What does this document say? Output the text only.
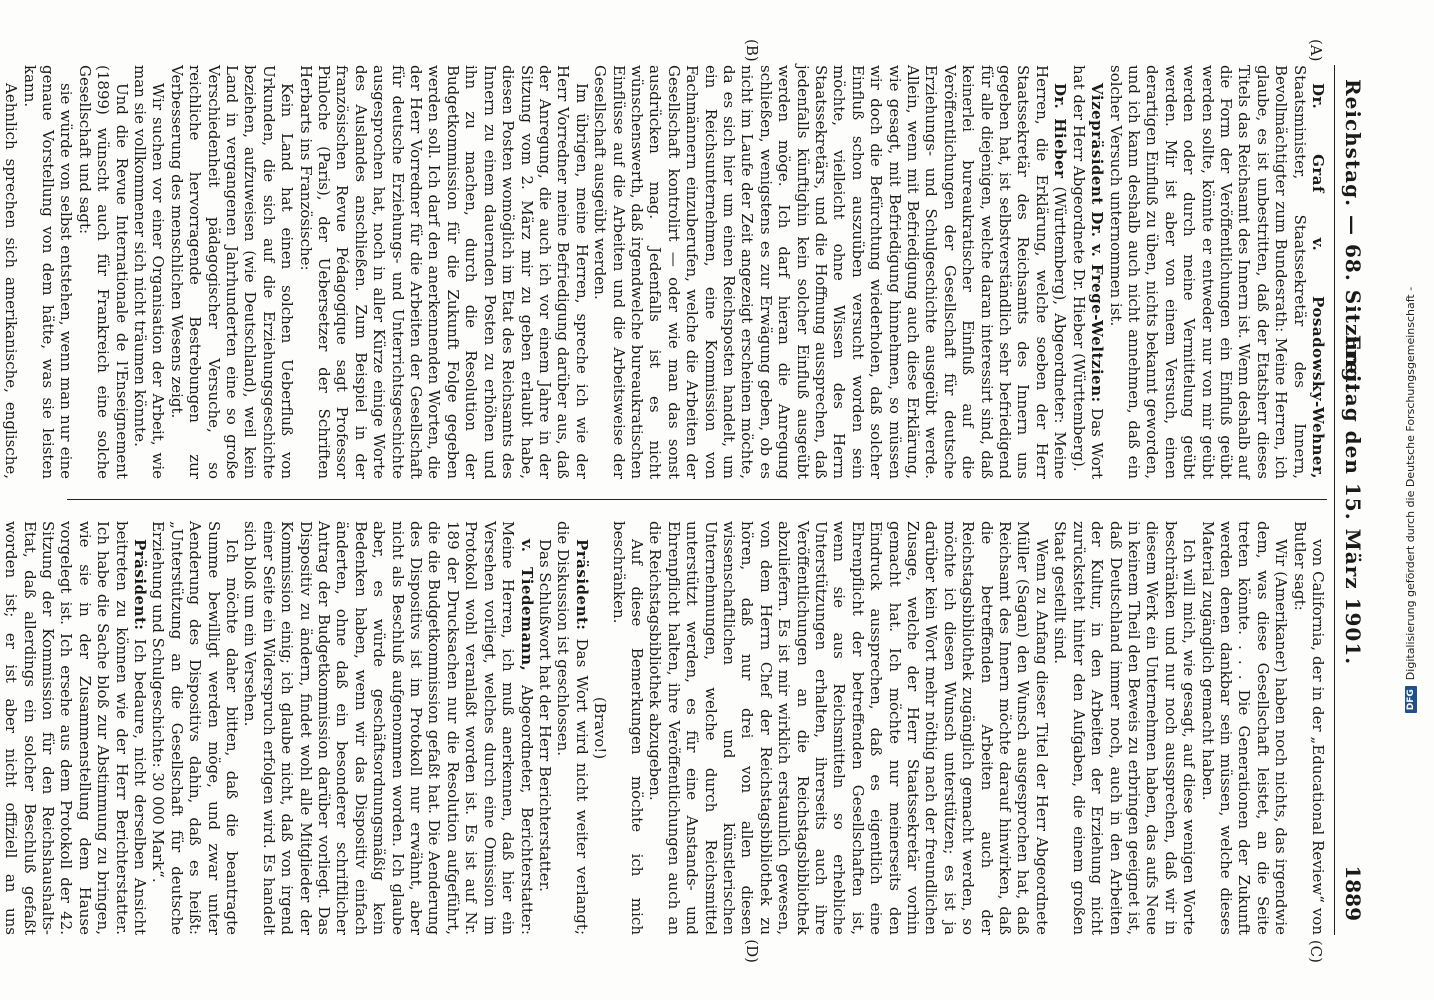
Reichstag. — 68. Sitzung.
Freitag den 15. März 1901.
1889
(A)
(B)
(C)
(D)

Dr. Graf v. Posadowsky-Wehner, Staatsminister, Staatssekretär des Innern, Bevollmächtigter zum Bundesrath: Meine Herren, ich glaube, es ist unbestritten, daß der Etatsherr dieses Titels das Reichsamt des Innern ist. Wenn deshalb auf die Form der Veröffentlichungen ein Einfluß geübt werden sollte, könnte er entweder nur von mir geübt werden oder durch meine Vermittelung geübt werden. Mir ist aber von einem Versuch, einen derartigen Einfluß zu üben, nichts bekannt geworden, und ich kann deshalb auch nicht annehmen, daß ein solcher Versuch unternommen ist.

Vizepräsident Dr. v. Frege-Weltzien: Das Wort hat der Herr Abgeordnete Dr. Hieber (Württemberg).

Dr. Hieber (Württemberg), Abgeordneter: Meine Herren, die Erklärung, welche soeben der Herr Staatssekretär des Reichsamts des Innern uns gegeben hat, ist selbstverständlich sehr befriedigend für alle diejenigen, welche daran interessirt sind, daß keinerlei bureaukratischer Einfluß auf die Veröffentlichungen der Gesellschaft für deutsche Erziehungs- und Schulgeschichte ausgeübt werde. Allein, wenn mit Befriedigung auch diese Erklärung, wie gesagt, mit Befriedigung hinnehmen, so müssen wir doch die Befürchtung wiederholen, daß solcher Einfluß schon auszuüben versucht worden sein möchte, vielleicht ohne Wissen des Herrn Staatssekretärs, und die Hoffnung aussprechen, daß jedenfalls künftighin kein solcher Einfluß ausgeübt werden möge. Ich darf hieran die Anregung schließen, wenigstens es zur Erwägung geben, ob es nicht im Laufe der Zeit angezeigt erscheinen möchte, da es sich hier um einen Reichsposten handelt, um ein Reichsunternehmen, eine Kommission von Fachmännern einzuberufen, welche die Arbeiten der Gesellschaft kontrolirt — oder wie man das sonst ausdrücken mag. Jedenfalls ist es nicht wünschenswerth, daß irgendwelche bureaukratischen Einflüsse auf die Arbeiten und die Arbeitsweise der Gesellschaft ausgeübt werden.

Im übrigen, meine Herren, spreche ich wie der Herr Vorredner meine Befriedigung darüber aus, daß der Anregung, die auch ich vor einem Jahre in der Sitzung vom 2. März mir zu geben erlaubt habe, diesen Posten womöglich im Etat des Reichsamts des Innern zu einem dauernden Posten zu erhöhen und ihn zu machen, durch die Resolution der Budgetkommission für die Zukunft Folge gegeben werden soll. Ich darf den anerkennenden Worten, die der Herr Vorredner für die Arbeiten der Gesellschaft für deutsche Erziehungs- und Unterrichtsgeschichte ausgesprochen hat, noch in aller Kürze einige Worte des Auslandes anschließen. Zum Beispiel in der französischen Revue Pédagogique sagt Professor Pinloche (Paris), der Uebersetzer der Schriften Herbarts ins Französische:

Kein Land hat einen solchen Ueberfluß von Urkunden, die sich auf die Erziehungsgeschichte beziehen, aufzuweisen (wie Deutschland), weil kein Land in vergangenen Jahrhunderten eine so große Verschiedenheit pädagogischer Versuche, so reichliche hervorragende Bestrebungen zur Verbesserung des menschlichen Wesens zeigt.

Wir suchen vor einer Organisation der Arbeit, wie man sie vollkommener sich nicht träumen könnte.

Und die Revue Internationale de l'Enseignement (1899) wünscht auch für Frankreich eine solche Gesellschaft und sagt:

sie würde von selbst entstehen, wenn man nur eine genaue Vorstellung von dem hätte, was sie leisten kann.

Aehnlich sprechen sich amerikanische, englische,

von California, der in der „Educational Review“ von Butler sagt:

Wir (Amerikaner) haben noch nichts, das irgendwie dem, was diese Gesellschaft leistet, an die Seite treten könnte. . . . Die Generationen der Zukunft werden denen dankbar sein müssen, welche dieses Material zugänglich gemacht haben.

Ich will mich, wie gesagt, auf diese wenigen Worte beschränken und nur noch aussprechen, daß wir in diesem Werk ein Unternehmen haben, das aufs Neue in keinem Theil den Beweis zu erbringen geeignet ist, daß Deutschland immer noch, auch in den Arbeiten der Kultur, in den Arbeiten der Erziehung nicht zurücksteht hinter den Aufgaben, die einem großen Staat gestellt sind.

Wenn zu Anfang dieser Titel der Herr Abgeordnete Müller (Sagan) den Wunsch ausgesprochen hat, daß Reichsamt des Innern möchte darauf hinwirken, daß die betreffenden Arbeiten auch der Reichstagsbibliothek zugänglich gemacht werden, so möchte ich diesen Wunsch unterstützen; es ist ja darüber kein Wort mehr nöthig nach der freundlichen Zusage, welche der Herr Staatssekretär vorhin gemacht hat. Ich möchte nur meinerseits den Eindruck aussprechen, daß es eigentlich eine Ehrenpflicht der betreffenden Gesellschaften ist, wenn sie aus Reichsmitteln so erhebliche Unterstützungen erhalten, ihrerseits auch ihre Veröffentlichungen an die Reichstagsbibliothek abzuliefern. Es ist mir wirklich erstaunlich gewesen, von dem Herrn Chef der Reichstagsbibliothek zu hören, daß nur drei von allen diesen wissenschaftlichen und künstlerischen Unternehmungen, welche durch Reichsmittel unterstützt werden, es für eine Anstands- und Ehrenpflicht halten, ihre Veröffentlichungen auch an die Reichstagsbibliothek abzugeben.

Auf diese Bemerkungen möchte ich mich beschränken.

(Bravo!)

Präsident: Das Wort wird nicht weiter verlangt; die Diskussion ist geschlossen.

Das Schlußwort hat der Herr Berichterstatter.

v. Tiedemann, Abgeordneter, Berichterstatter: Meine Herren, ich muß anerkennen, daß hier ein Versehen vorliegt, welches durch eine Omission im Protokoll wohl veranlaßt worden ist. Es ist auf Nr. 189 der Drucksachen nur die Resolution aufgeführt, die die Budgetkommission gefaßt hat. Die Aenderung des Dispositivs ist im Protokoll nur erwähnt, aber nicht als Beschluß aufgenommen worden. Ich glaube aber, es würde geschäftsordnungsmäßig kein Bedenken haben, wenn wir das Dispositiv einfach änderten, ohne daß ein besonderer schriftlicher Antrag der Budgetkommission darüber vorliegt. Das Dispositiv zu ändern, findet wohl alle Mitglieder der Kommission einig; ich glaube nicht, daß von irgend einer Seite ein Widerspruch erfolgen wird. Es handelt sich bloß um ein Versehen.

Ich möchte daher bitten, daß die beantragte Summe bewilligt werden möge, und zwar unter Aenderung des Dispositivs dahin, daß es heißt: „Unterstützung an die Gesellschaft für deutsche Erziehung und Schulgeschichte: 30 000 Mark“.

Präsident: Ich bedaure, nicht derselben Ansicht beitreten zu können wie der Herr Berichterstatter. Ich habe die Sache bloß zur Abstimmung zu bringen, wie sie in der Zusammenstellung dem Hause vorgelegt ist. Ich ersehe aus dem Protokoll der 42. Sitzung der Kommission für den Reichshaushalts-Etat, daß allerdings ein solcher Beschluß gefaßt worden ist; er ist aber nicht offiziell an uns

DFGDigitalisierung gefördert durch die Deutsche Forschungsgemeinschaft -
